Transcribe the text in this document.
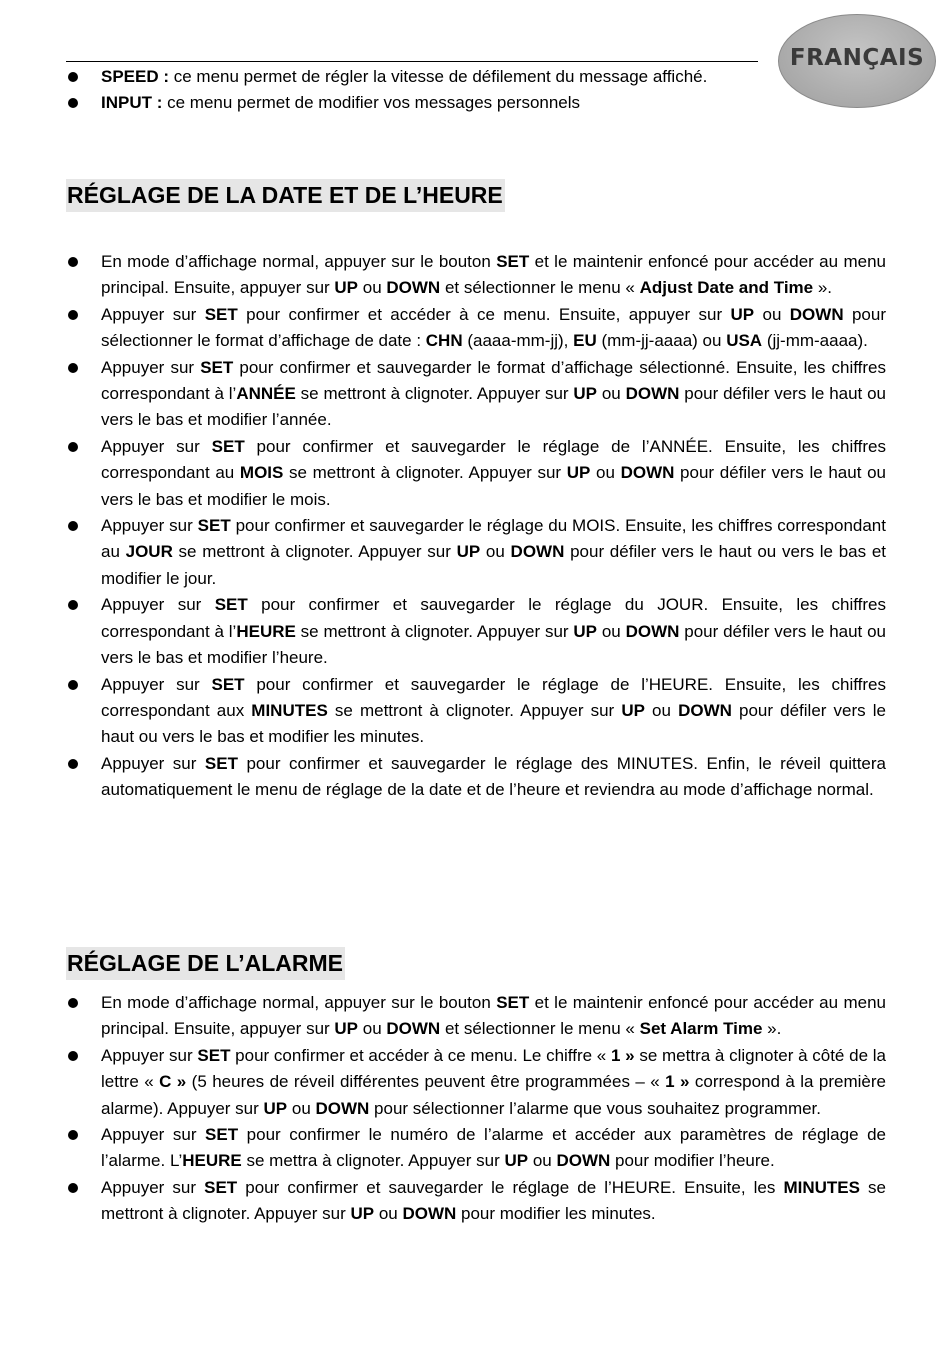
FRANÇAIS
SPEED : ce menu permet de régler la vitesse de défilement du message affiché.
INPUT : ce menu permet de modifier vos messages personnels
RÉGLAGE DE LA DATE ET DE L’HEURE
En mode d’affichage normal, appuyer sur le bouton SET et le maintenir enfoncé pour accéder au menu principal. Ensuite, appuyer sur UP ou DOWN et sélectionner le menu « Adjust Date and Time ».
Appuyer sur SET pour confirmer et accéder à ce menu. Ensuite, appuyer sur UP ou DOWN pour sélectionner le format d’affichage de date : CHN (aaaa-mm-jj), EU (mm-jj-aaaa) ou USA (jj-mm-aaaa).
Appuyer sur SET pour confirmer et sauvegarder le format d’affichage sélectionné. Ensuite, les chiffres correspondant à l’ANNÉE se mettront à clignoter. Appuyer sur UP ou DOWN pour défiler vers le haut ou vers le bas et modifier l’année.
Appuyer sur SET pour confirmer et sauvegarder le réglage de l’ANNÉE. Ensuite, les chiffres correspondant au MOIS se mettront à clignoter. Appuyer sur UP ou DOWN pour défiler vers le haut ou vers le bas et modifier le mois.
Appuyer sur SET pour confirmer et sauvegarder le réglage du MOIS. Ensuite, les chiffres correspondant au JOUR se mettront à clignoter. Appuyer sur UP ou DOWN pour défiler vers le haut ou vers le bas et modifier le jour.
Appuyer sur SET pour confirmer et sauvegarder le réglage du JOUR. Ensuite, les chiffres correspondant à l’HEURE se mettront à clignoter. Appuyer sur UP ou DOWN pour défiler vers le haut ou vers le bas et modifier l’heure.
Appuyer sur SET pour confirmer et sauvegarder le réglage de l’HEURE. Ensuite, les chiffres correspondant aux MINUTES se mettront à clignoter. Appuyer sur UP ou DOWN pour défiler vers le haut ou vers le bas et modifier les minutes.
Appuyer sur SET pour confirmer et sauvegarder le réglage des MINUTES. Enfin, le réveil quittera automatiquement le menu de réglage de la date et de l’heure et reviendra au mode d’affichage normal.
RÉGLAGE DE L’ALARME
En mode d’affichage normal, appuyer sur le bouton SET et le maintenir enfoncé pour accéder au menu principal. Ensuite, appuyer sur UP ou DOWN et sélectionner le menu « Set Alarm Time ».
Appuyer sur SET pour confirmer et accéder à ce menu. Le chiffre « 1 » se mettra à clignoter à côté de la lettre « C » (5 heures de réveil différentes peuvent être programmées – « 1 » correspond à la première alarme). Appuyer sur UP ou DOWN pour sélectionner l’alarme que vous souhaitez programmer.
Appuyer sur SET pour confirmer le numéro de l’alarme et accéder aux paramètres de réglage de l’alarme. L’HEURE se mettra à clignoter. Appuyer sur UP ou DOWN pour modifier l’heure.
Appuyer sur SET pour confirmer et sauvegarder le réglage de l’HEURE. Ensuite, les MINUTES se mettront à clignoter. Appuyer sur UP ou DOWN pour modifier les minutes.
